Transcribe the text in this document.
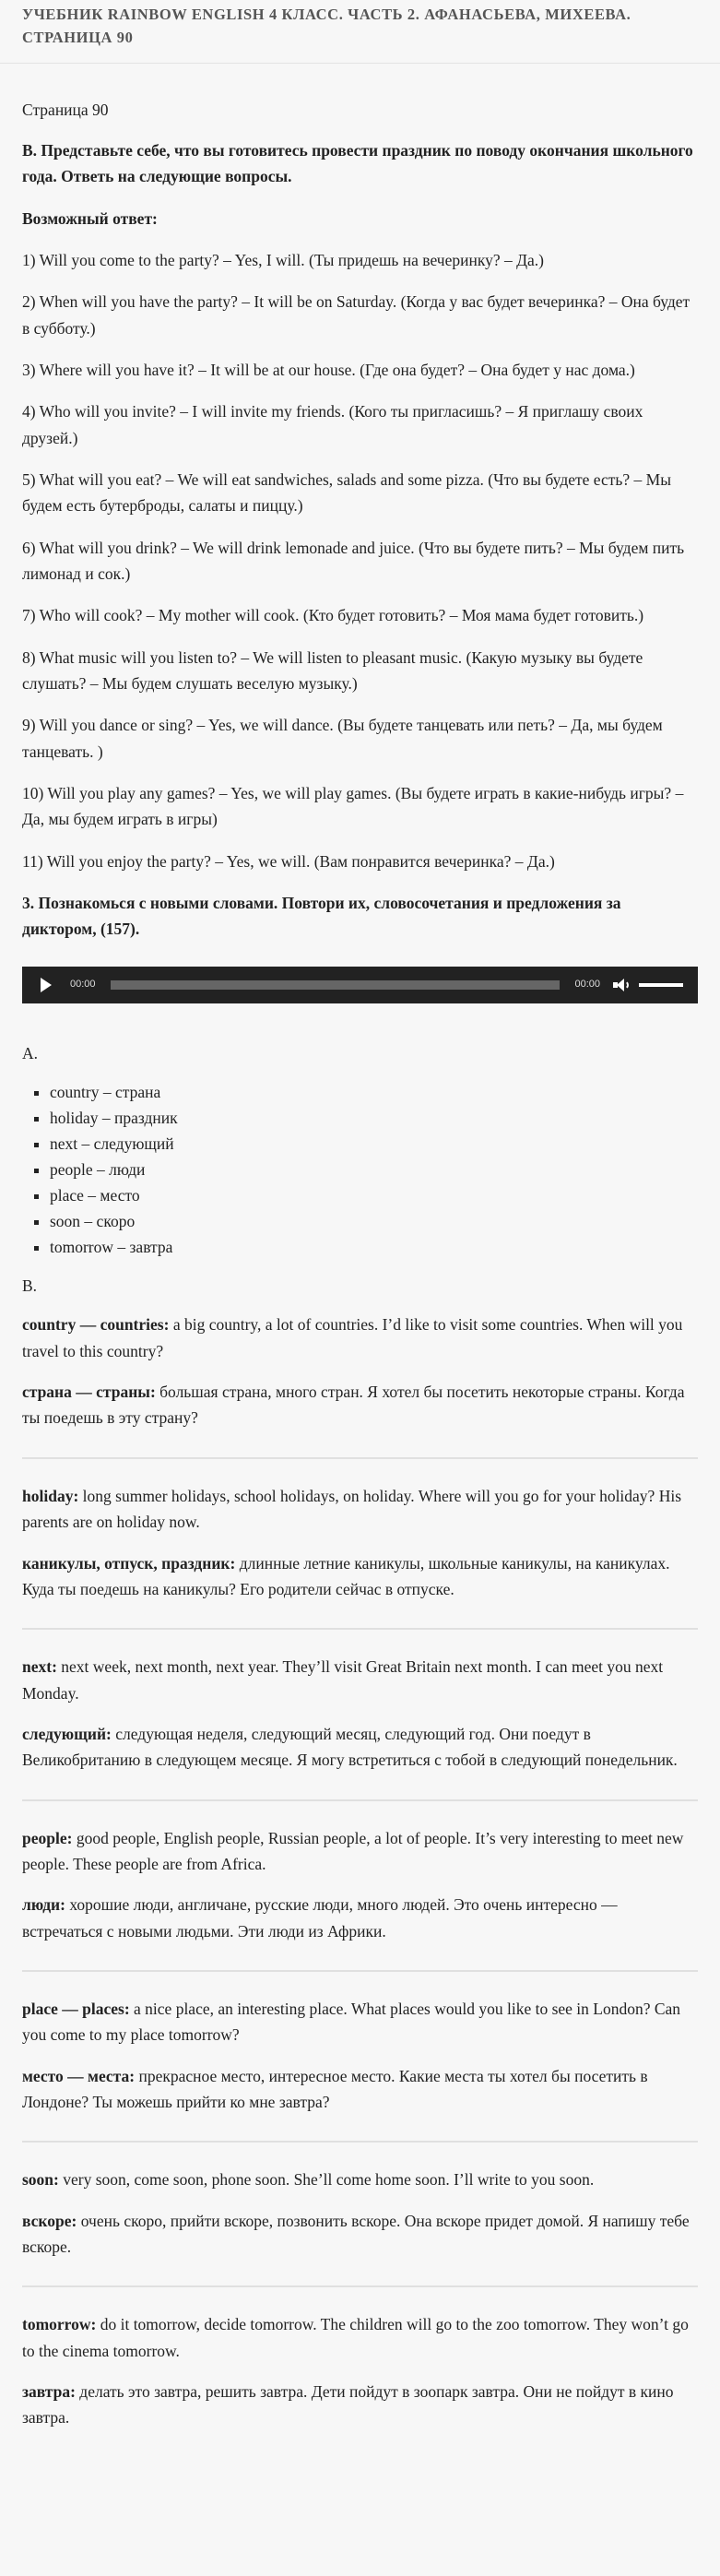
УЧЕБНИК RAINBOW ENGLISH 4 КЛАСС. ЧАСТЬ 2. АФАНАСЬЕВА, МИХЕЕВА. СТРАНИЦА 90

Страница 90

В. Представьте себе, что вы готовитесь провести праздник по поводу окончания школьного года. Ответь на следующие вопросы.

Возможный ответ:

1) Will you come to the party? – Yes, I will. (Ты придешь на вечеринку? – Да.)

2) When will you have the party? – It will be on Saturday. (Когда у вас будет вечеринка? – Она будет в субботу.)

3) Where will you have it? – It will be at our house. (Где она будет? – Она будет у нас дома.)

4) Who will you invite? – I will invite my friends. (Кого ты пригласишь? – Я приглашу своих друзей.)

5) What will you eat? – We will eat sandwiches, salads and some pizza. (Что вы будете есть? – Мы будем есть бутерброды, салаты и пиццу.)

6) What will you drink? – We will drink lemonade and juice. (Что вы будете пить? – Мы будем пить лимонад и сок.)

7) Who will cook? – My mother will cook. (Кто будет готовить? – Моя мама будет готовить.)

8) What music will you listen to? – We will listen to pleasant music. (Какую музыку вы будете слушать? – Мы будем слушать веселую музыку.)

9) Will you dance or sing? – Yes, we will dance. (Вы будете танцевать или петь? – Да, мы будем танцевать. )

10) Will you play any games? – Yes, we will play games. (Вы будете играть в какие-нибудь игры? – Да, мы будем играть в игры)

11) Will you enjoy the party? – Yes, we will. (Вам понравится вечеринка? – Да.)

3. Познакомься с новыми словами. Повтори их, словосочетания и предложения за диктором, (157).

00:00	00:00

A.

▪ country – страна
▪ holiday – праздник
▪ next – следующий
▪ people – люди
▪ place – место
▪ soon – скоро
▪ tomorrow – завтра

B.

country — countries: a big country, a lot of countries. I’d like to visit some countries. When will you travel to this country?

страна — страны: большая страна, много стран. Я хотел бы посетить некоторые страны. Когда ты поедешь в эту страну?

holiday: long summer holidays, school holidays, on holiday. Where will you go for your holiday? His parents are on holiday now.

каникулы, отпуск, праздник: длинные летние каникулы, школьные каникулы, на каникулах. Куда ты поедешь на каникулы? Его родители сейчас в отпуске.

next: next week, next month, next year. They’ll visit Great Britain next month. I can meet you next Monday.

следующий: следующая неделя, следующий месяц, следующий год. Они поедут в Великобританию в следующем месяце. Я могу встретиться с тобой в следующий понедельник.

people: good people, English people, Russian people, a lot of people. It’s very interesting to meet new people. These people are from Africa.

люди: хорошие люди, англичане, русские люди, много людей. Это очень интересно — встречаться с новыми людьми. Эти люди из Африки.

place — places: a nice place, an interesting place. What places would you like to see in London? Can you come to my place tomorrow?

место — места: прекрасное место, интересное место. Какие места ты хотел бы посетить в Лондоне? Ты можешь прийти ко мне завтра?

soon: very soon, come soon, phone soon. She’ll come home soon. I’ll write to you soon.

вскоре: очень скоро, прийти вскоре, позвонить вскоре. Она вскоре придет домой. Я напишу тебе вскоре.

tomorrow: do it tomorrow, decide tomorrow. The children will go to the zoo tomorrow. They won’t go to the cinema tomorrow.

завтра: делать это завтра, решить завтра. Дети пойдут в зоопарк завтра. Они не пойдут в кино завтра.
